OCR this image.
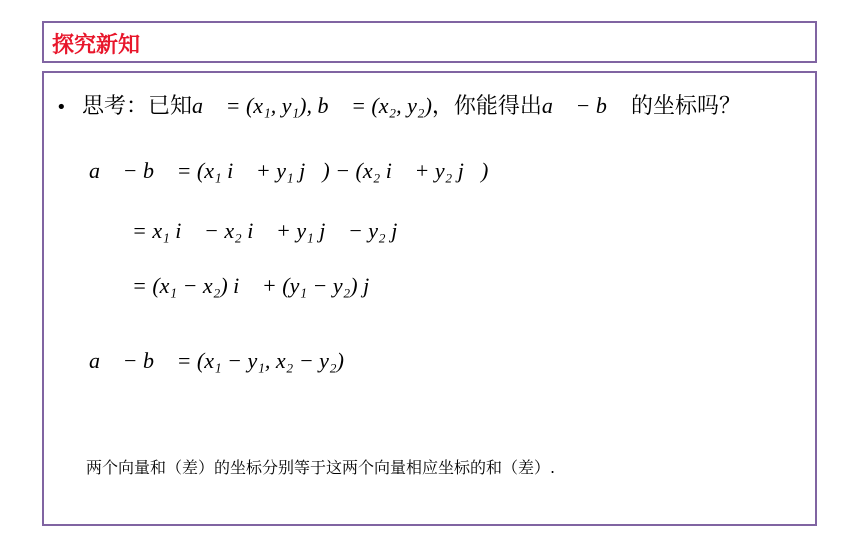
探究新知
• 思考：已知a⃗ = (x₁, y₁), b⃗ = (x₂, y₂)，你能得出a⃗ − b⃗ 的坐标吗？
a⃗ − b⃗ = (x₁ i⃗ + y₁ j⃗) − (x₂ i⃗ + y₂ j⃗)
= x₁ i⃗ − x₂ i⃗ + y₁ j⃗ − y₂ j⃗
= (x₁ − x₂) i⃗ + (y₁ − y₂) j⃗
a⃗ − b⃗ = (x₁ − y₁, x₂ − y₂)
两个向量和（差）的坐标分别等于这两个向量相应坐标的和（差）.
